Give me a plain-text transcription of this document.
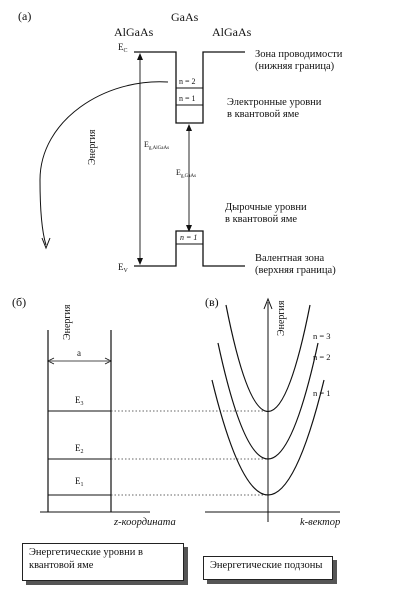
(а)	GaAs
AlGaAs	AlGaAs
$E_C$
n = 2
n = 1
Зона проводимости
(нижняя граница)
Электронные уровни
в квантовой яме
Энергия	$E_{g,AlGaAs}$
$E_{g,GaAs}$
n = 1
$E_V$
Дырочные уровни
в квантовой яме
Валентная зона
(верхняя граница)
(б)
Энергия
a
$E_3$
$E_2$
$E_1$
z-координата
(в)	Энергия
k-вектор
n = 3
n = 2
n = 1
Энергетические уровни в квантовой яме	Энергетические подзоны
